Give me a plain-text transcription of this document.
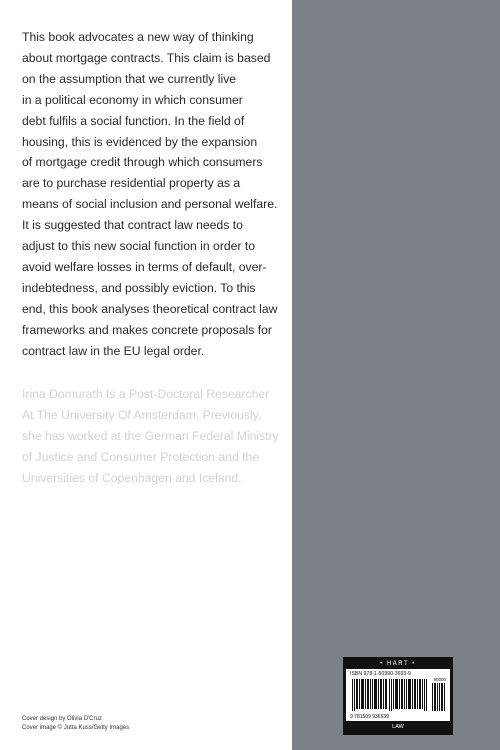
This book advocates a new way of thinking
about mortgage contracts. This claim is based
on the assumption that we currently live
in a political economy in which consumer
debt fulfils a social function. In the field of
housing, this is evidenced by the expansion
of mortgage credit through which consumers
are to purchase residential property as a
means of social inclusion and personal welfare.
It is suggested that contract law needs to
adjust to this new social function in order to
avoid welfare losses in terms of default, over-
indebtedness, and possibly eviction. To this
end, this book analyses theoretical contract law
frameworks and makes concrete proposals for
contract law in the EU legal order.
Irina Domurath Is a Post-Doctoral Researcher
At The University Of Amsterdam. Previously,
she has worked at the German Federal Ministry
of Justice and Consumer Protection and the
Universities of Copenhagen and Iceland.
Cover design by Olivia D'Cruz
Cover image © Jutta Kuss/Getty Images
• HART •
ISBN 978-1-50990-3693-9
90000
9 781509 936939
LAW
